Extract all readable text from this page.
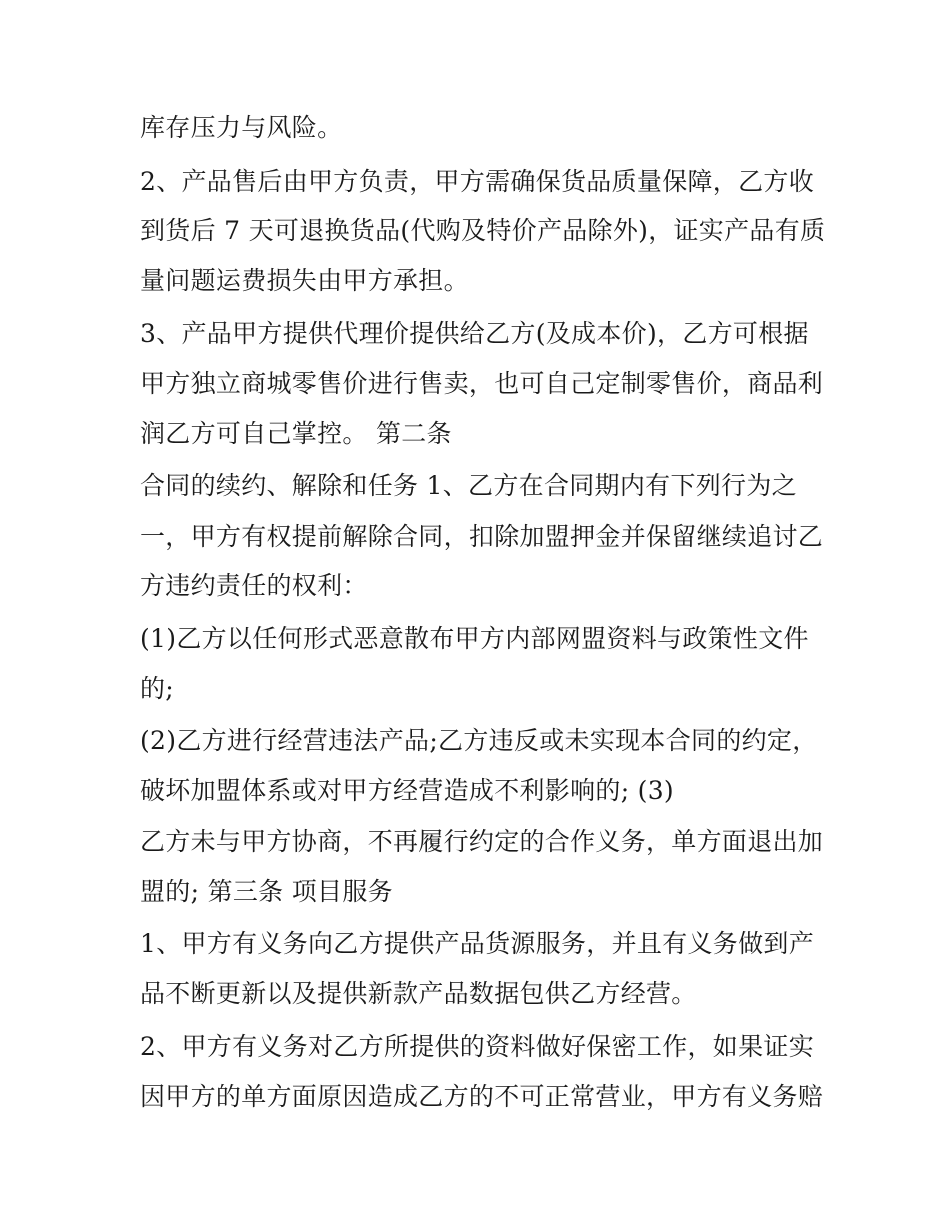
库存压力与风险。
2、产品售后由甲方负责，甲方需确保货品质量保障，乙方收
到货后 7 天可退换货品(代购及特价产品除外)，证实产品有质
量问题运费损失由甲方承担。
3、产品甲方提供代理价提供给乙方(及成本价)，乙方可根据
甲方独立商城零售价进行售卖，也可自己定制零售价，商品利
润乙方可自己掌控。 第二条
合同的续约、解除和任务 1、乙方在合同期内有下列行为之
一，甲方有权提前解除合同，扣除加盟押金并保留继续追讨乙
方违约责任的权利：
(1)乙方以任何形式恶意散布甲方内部网盟资料与政策性文件
的;
(2)乙方进行经营违法产品;乙方违反或未实现本合同的约定，
破坏加盟体系或对甲方经营造成不利影响的; (3)
乙方未与甲方协商，不再履行约定的合作义务，单方面退出加
盟的; 第三条 项目服务
1、甲方有义务向乙方提供产品货源服务，并且有义务做到产
品不断更新以及提供新款产品数据包供乙方经营。
2、甲方有义务对乙方所提供的资料做好保密工作，如果证实
因甲方的单方面原因造成乙方的不可正常营业，甲方有义务赔
